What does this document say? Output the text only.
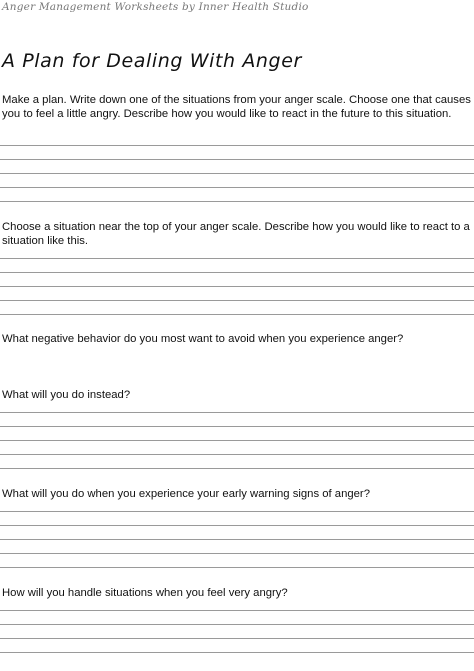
Anger Management Worksheets by Inner Health Studio
A Plan for Dealing With Anger
Make a plan. Write down one of the situations from your anger scale. Choose one that causes you to feel a little angry. Describe how you would like to react in the future to this situation.
Choose a situation near the top of your anger scale. Describe how you would like to react to a situation like this.
What negative behavior do you most want to avoid when you experience anger?
What will you do instead?
What will you do when you experience your early warning signs of anger?
How will you handle situations when you feel very angry?
